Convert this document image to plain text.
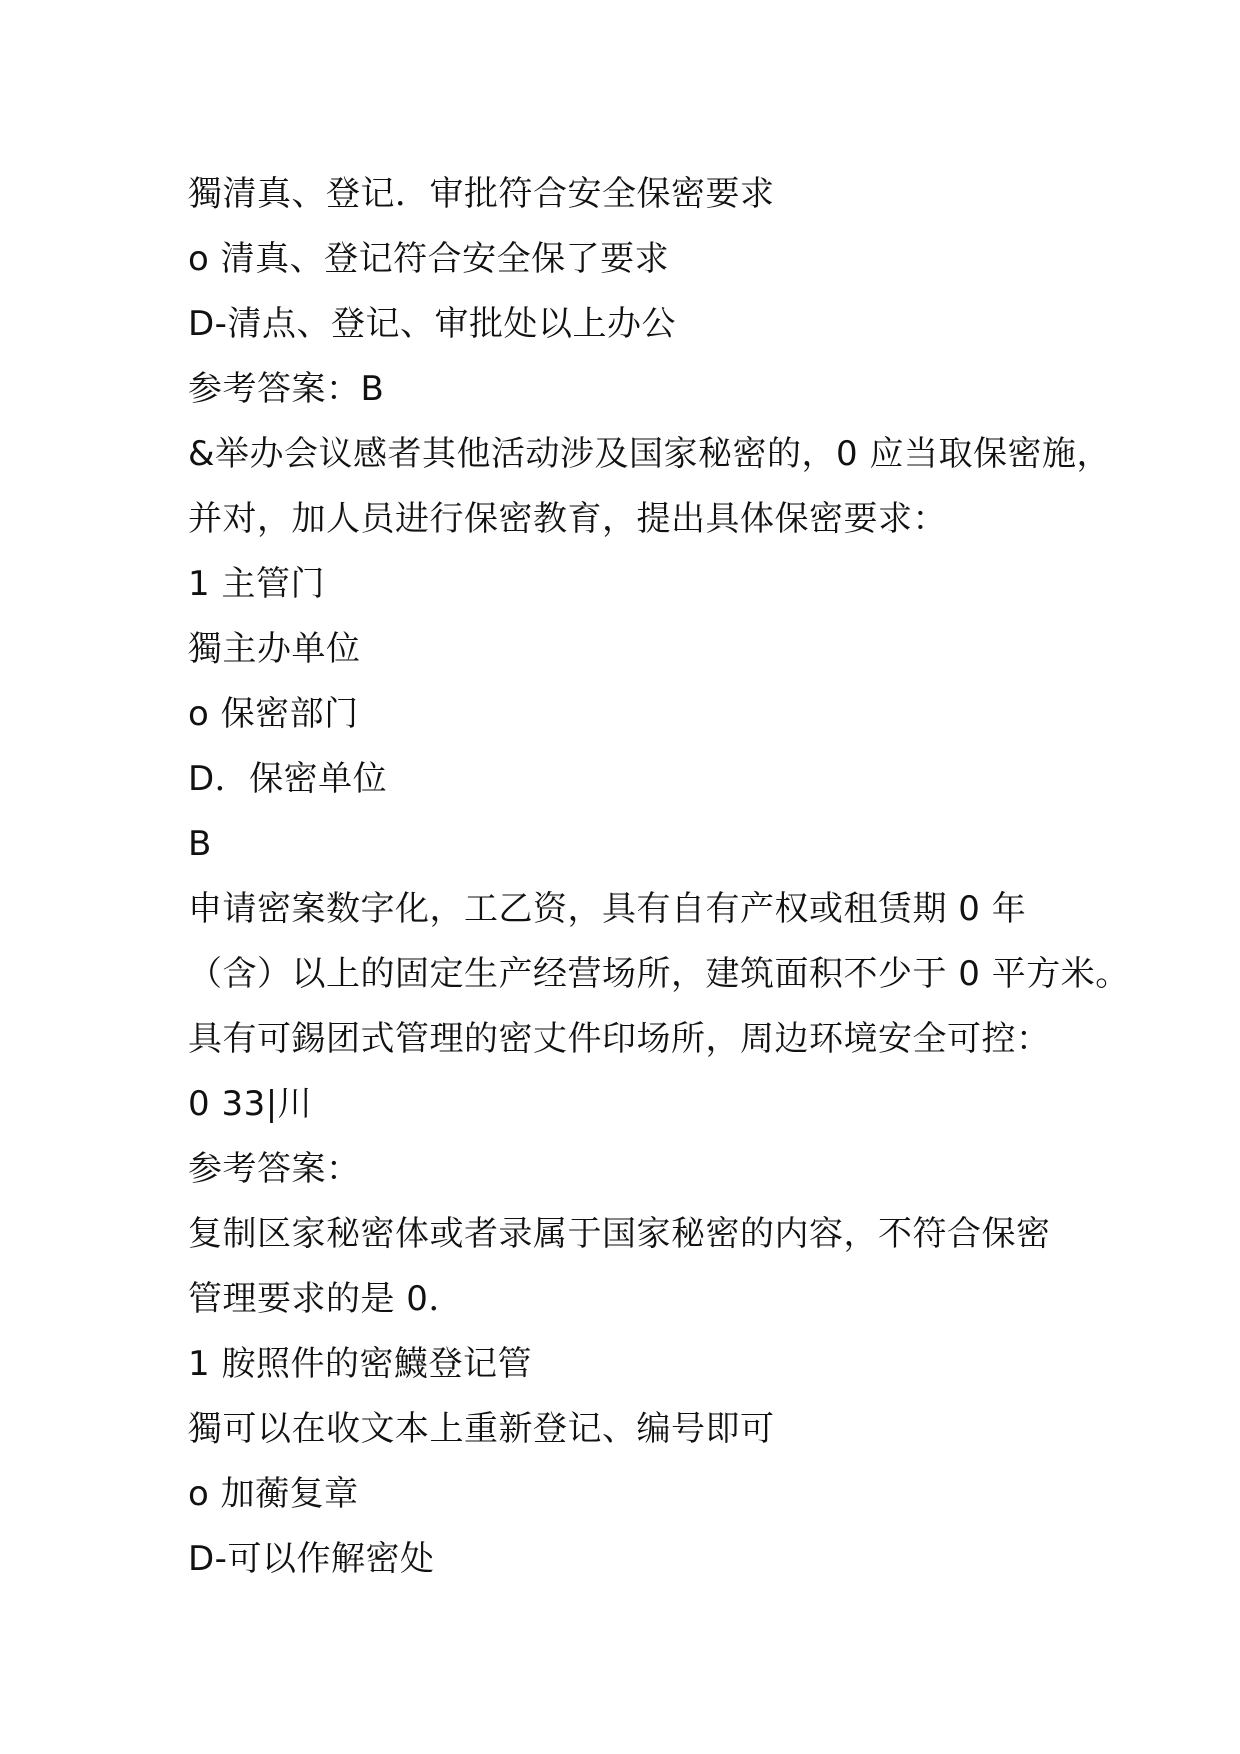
獨清真、登记．审批符合安全保密要求
o 清真、登记符合安全保了要求
D-清点、登记、审批处以上办公
参考答案：B
&举办会议感者其他活动涉及国家秘密的，0 应当取保密施，
并对，加人员进行保密教育，提出具体保密要求：
1 主管门
獨主办单位
o 保密部门
D．保密单位
B
申请密案数字化，工乙资，具有自有产权或租赁期 0 年
（含）以上的固定生产经营场所，建筑面积不少于 0 平方米。
具有可錫团式管理的密丈件印场所，周边环境安全可控：
0 33|川
参考答案：
复制区家秘密体或者录属于国家秘密的内容，不符合保密
管理要求的是 0．
1 胺照件的密鱴登记管
獨可以在收文本上重新登记、编号即可
o 加蘅复章
D-可以作解密处
